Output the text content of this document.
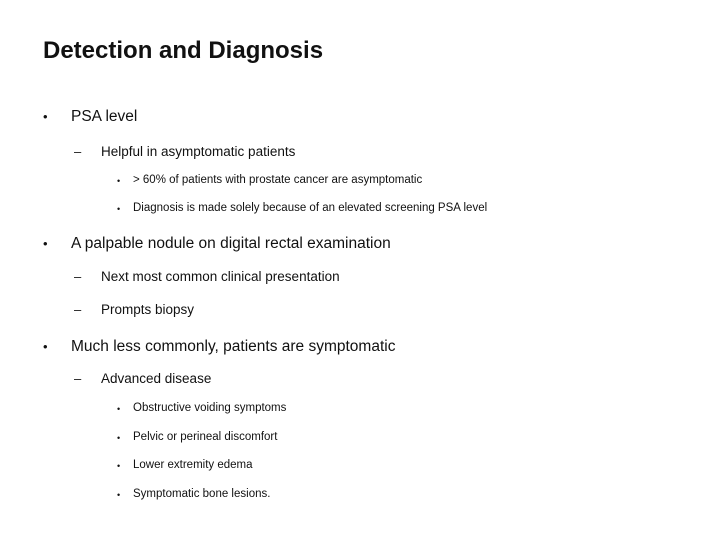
Detection and Diagnosis
• PSA level
– Helpful in asymptomatic patients
• > 60% of patients with prostate cancer are asymptomatic
• Diagnosis is made solely because of an elevated screening PSA level
• A palpable nodule on digital rectal examination
– Next most common clinical presentation
– Prompts biopsy
• Much less commonly, patients are symptomatic
– Advanced disease
• Obstructive voiding symptoms
• Pelvic or perineal discomfort
• Lower extremity edema
• Symptomatic bone lesions.
